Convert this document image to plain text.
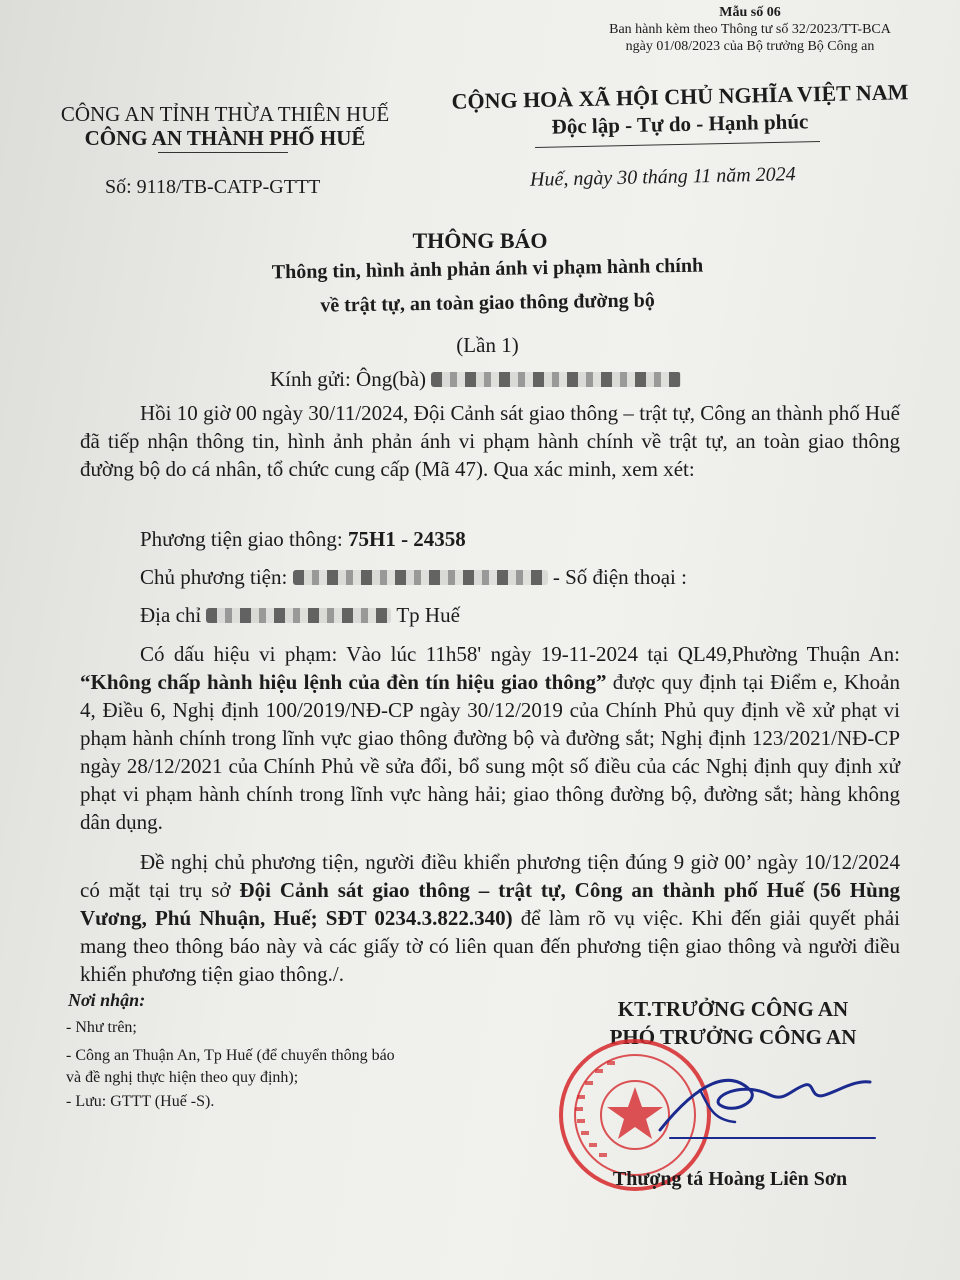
Mẫu số 06
Ban hành kèm theo Thông tư số 32/2023/TT-BCA
ngày 01/08/2023 của Bộ trưởng Bộ Công an
CÔNG AN TỈNH THỪA THIÊN HUẾ
CÔNG AN THÀNH PHỐ HUẾ
CỘNG HOÀ XÃ HỘI CHỦ NGHĨA VIỆT NAM
Độc lập - Tự do - Hạnh phúc
Số: 9118/TB-CATP-GTTT	Huế, ngày 30 tháng 11 năm 2024
THÔNG BÁO
Thông tin, hình ảnh phản ánh vi phạm hành chính
về trật tự, an toàn giao thông đường bộ
(Lần 1)
Kính gửi: Ông(bà)
Hồi 10 giờ 00 ngày 30/11/2024, Đội Cảnh sát giao thông – trật tự, Công an thành phố Huế đã tiếp nhận thông tin, hình ảnh phản ánh vi phạm hành chính về trật tự, an toàn giao thông đường bộ do cá nhân, tổ chức cung cấp (Mã 47). Qua xác minh, xem xét:
Phương tiện giao thông: 75H1 - 24358
Chủ phương tiện:	- Số điện thoại :
Địa chỉ	Tp Huế
Có dấu hiệu vi phạm: Vào lúc 11h58' ngày 19-11-2024 tại QL49,Phường Thuận An: “Không chấp hành hiệu lệnh của đèn tín hiệu giao thông” được quy định tại Điểm e, Khoản 4, Điều 6, Nghị định 100/2019/NĐ-CP ngày 30/12/2019 của Chính Phủ quy định về xử phạt vi phạm hành chính trong lĩnh vực giao thông đường bộ và đường sắt; Nghị định 123/2021/NĐ-CP ngày 28/12/2021 của Chính Phủ về sửa đổi, bổ sung một số điều của các Nghị định quy định xử phạt vi phạm hành chính trong lĩnh vực hàng hải; giao thông đường bộ, đường sắt; hàng không dân dụng.
Đề nghị chủ phương tiện, người điều khiển phương tiện đúng 9 giờ 00’ ngày 10/12/2024 có mặt tại trụ sở Đội Cảnh sát giao thông – trật tự, Công an thành phố Huế (56 Hùng Vương, Phú Nhuận, Huế; SĐT 0234.3.822.340) để làm rõ vụ việc. Khi đến giải quyết phải mang theo thông báo này và các giấy tờ có liên quan đến phương tiện giao thông và người điều khiển phương tiện giao thông./.
Nơi nhận:
- Như trên;
- Công an Thuận An, Tp Huế (để chuyển thông báo
và đề nghị thực hiện theo quy định);
- Lưu: GTTT (Huế -S).
KT.TRƯỞNG CÔNG AN
PHÓ TRƯỞNG CÔNG AN
Thượng tá Hoàng Liên Sơn
